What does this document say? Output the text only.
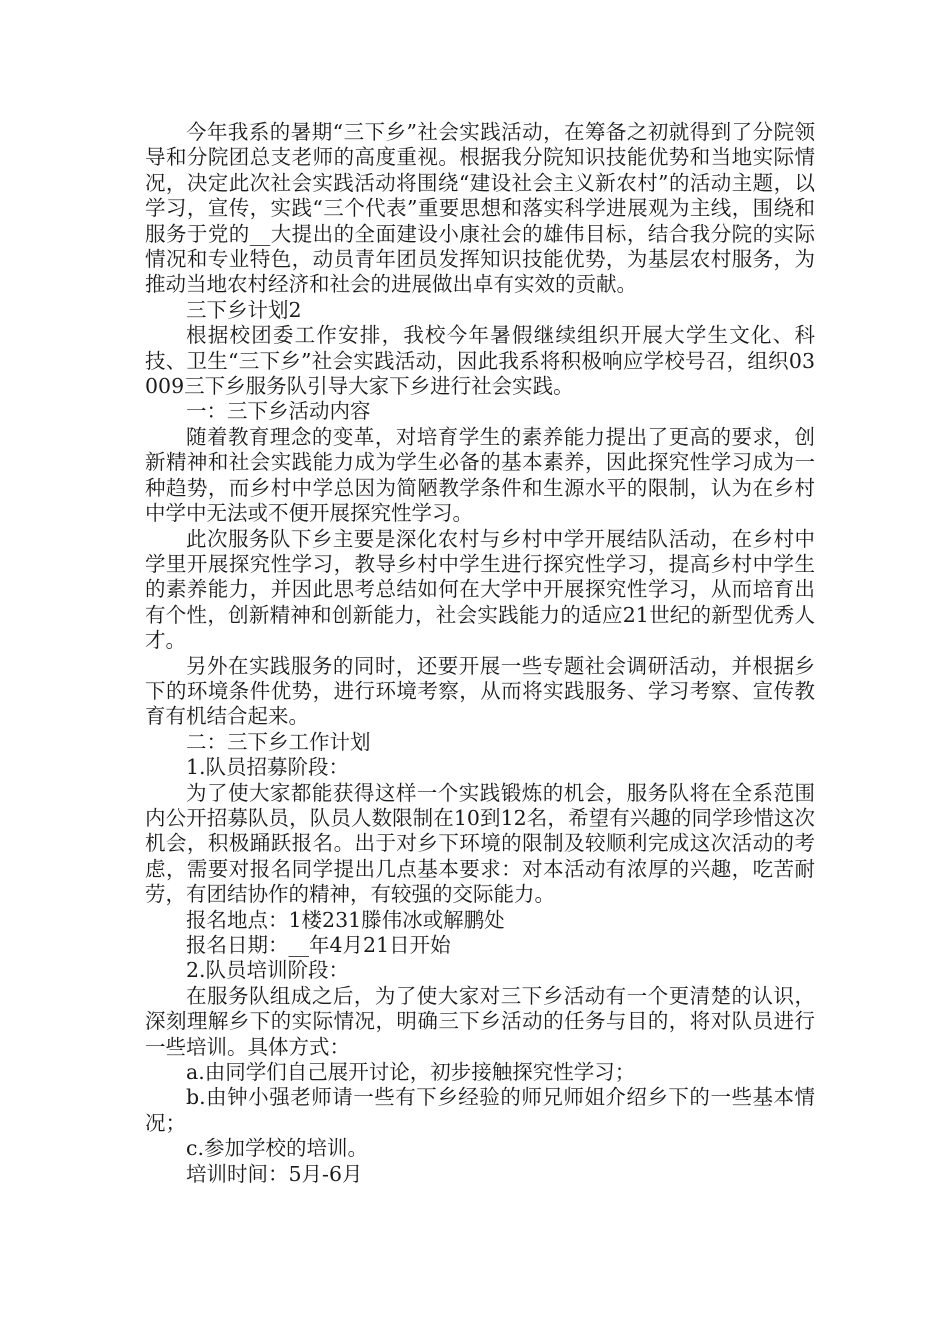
今年我系的暑期“三下乡”社会实践活动，在筹备之初就得到了分院领导和分院团总支老师的高度重视。根据我分院知识技能优势和当地实际情况，决定此次社会实践活动将围绕“建设社会主义新农村”的活动主题，以学习，宣传，实践“三个代表”重要思想和落实科学进展观为主线，围绕和服务于党的__大提出的全面建设小康社会的雄伟目标，结合我分院的实际情况和专业特色，动员青年团员发挥知识技能优势，为基层农村服务，为推动当地农村经济和社会的进展做出卓有实效的贡献。

三下乡计划2

根据校团委工作安排，我校今年暑假继续组织开展大学生文化、科技、卫生“三下乡”社会实践活动，因此我系将积极响应学校号召，组织03009三下乡服务队引导大家下乡进行社会实践。

一：三下乡活动内容

随着教育理念的变革，对培育学生的素养能力提出了更高的要求，创新精神和社会实践能力成为学生必备的基本素养，因此探究性学习成为一种趋势，而乡村中学总因为简陋教学条件和生源水平的限制，认为在乡村中学中无法或不便开展探究性学习。

此次服务队下乡主要是深化农村与乡村中学开展结队活动，在乡村中学里开展探究性学习，教导乡村中学生进行探究性学习，提高乡村中学生的素养能力，并因此思考总结如何在大学中开展探究性学习，从而培育出有个性，创新精神和创新能力，社会实践能力的适应21世纪的新型优秀人才。

另外在实践服务的同时，还要开展一些专题社会调研活动，并根据乡下的环境条件优势，进行环境考察，从而将实践服务、学习考察、宣传教育有机结合起来。

二：三下乡工作计划

1.队员招募阶段：

为了使大家都能获得这样一个实践锻炼的机会，服务队将在全系范围内公开招募队员，队员人数限制在10到12名，希望有兴趣的同学珍惜这次机会，积极踊跃报名。出于对乡下环境的限制及较顺利完成这次活动的考虑，需要对报名同学提出几点基本要求：对本活动有浓厚的兴趣，吃苦耐劳，有团结协作的精神，有较强的交际能力。

报名地点：1楼231滕伟冰或解鹏处

报名日期：__年4月21日开始

2.队员培训阶段：

在服务队组成之后，为了使大家对三下乡活动有一个更清楚的认识，深刻理解乡下的实际情况，明确三下乡活动的任务与目的，将对队员进行一些培训。具体方式：

a.由同学们自己展开讨论，初步接触探究性学习；

b.由钟小强老师请一些有下乡经验的师兄师姐介绍乡下的一些基本情况；

c.参加学校的培训。

培训时间：5月-6月
